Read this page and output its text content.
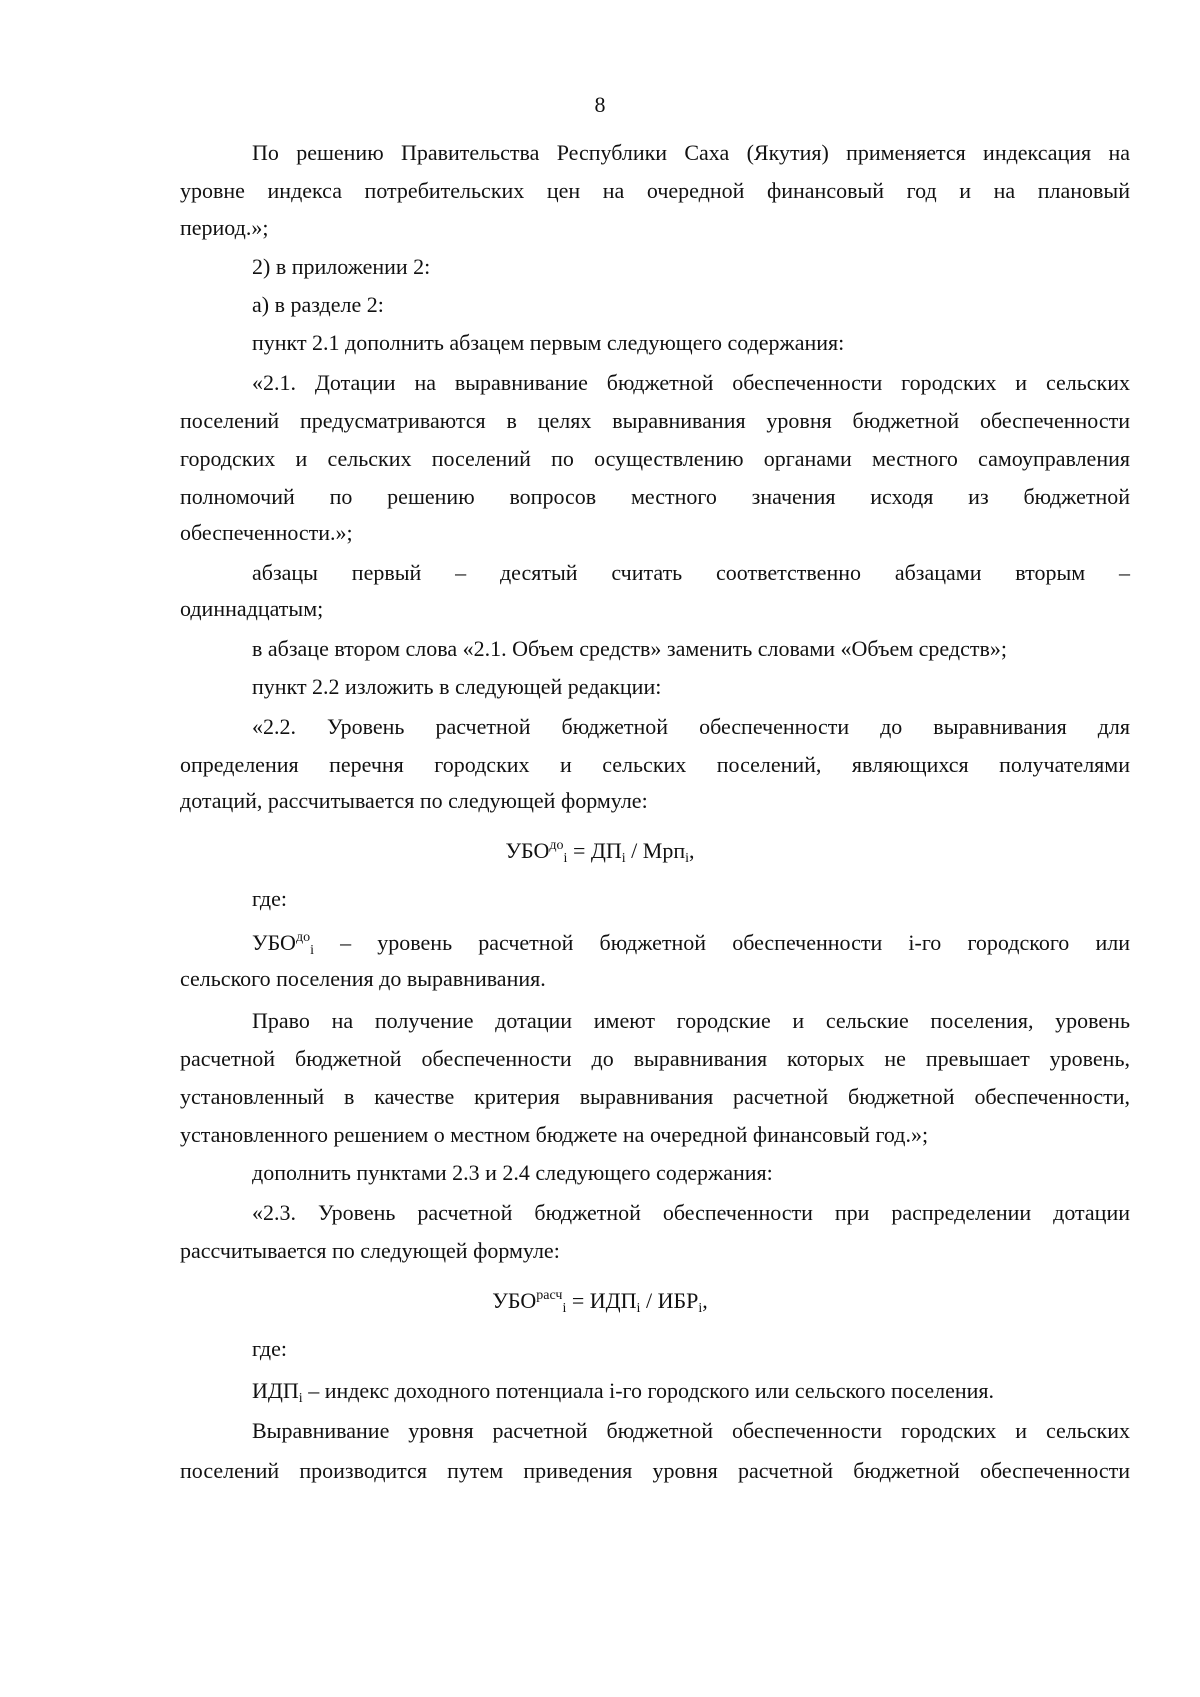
8
По решению Правительства Республики Саха (Якутия) применяется индексация на
уровне индекса потребительских цен на очередной финансовый год и на плановый
период.»;
2) в приложении 2:
а) в разделе 2:
пункт 2.1 дополнить абзацем первым следующего содержания:
«2.1. Дотации на выравнивание бюджетной обеспеченности городских и сельских
поселений предусматриваются в целях выравнивания уровня бюджетной обеспеченности
городских и сельских поселений по осуществлению органами местного самоуправления
полномочий по решению вопросов местного значения исходя из бюджетной
обеспеченности.»;
абзацы первый – десятый считать соответственно абзацами вторым –
одиннадцатым;
в абзаце втором слова «2.1. Объем средств» заменить словами «Объем средств»;
пункт 2.2 изложить в следующей редакции:
«2.2. Уровень расчетной бюджетной обеспеченности до выравнивания для
определения перечня городских и сельских поселений, являющихся получателями
дотаций, рассчитывается по следующей формуле:
$УБО^{до}_i = ДП_i / Мрп_i$,
где:
$УБО^{до}_i$ – уровень расчетной бюджетной обеспеченности i-го городского или
сельского поселения до выравнивания.
Право на получение дотации имеют городские и сельские поселения, уровень
расчетной бюджетной обеспеченности до выравнивания которых не превышает уровень,
установленный в качестве критерия выравнивания расчетной бюджетной обеспеченности,
установленного решением о местном бюджете на очередной финансовый год.»;
дополнить пунктами 2.3 и 2.4 следующего содержания:
«2.3. Уровень расчетной бюджетной обеспеченности при распределении дотации
рассчитывается по следующей формуле:
$УБО^{расч}_i = ИДП_i / ИБР_i$,
где:
$ИДП_i$ – индекс доходного потенциала i-го городского или сельского поселения.
Выравнивание уровня расчетной бюджетной обеспеченности городских и сельских
поселений производится путем приведения уровня расчетной бюджетной обеспеченности
